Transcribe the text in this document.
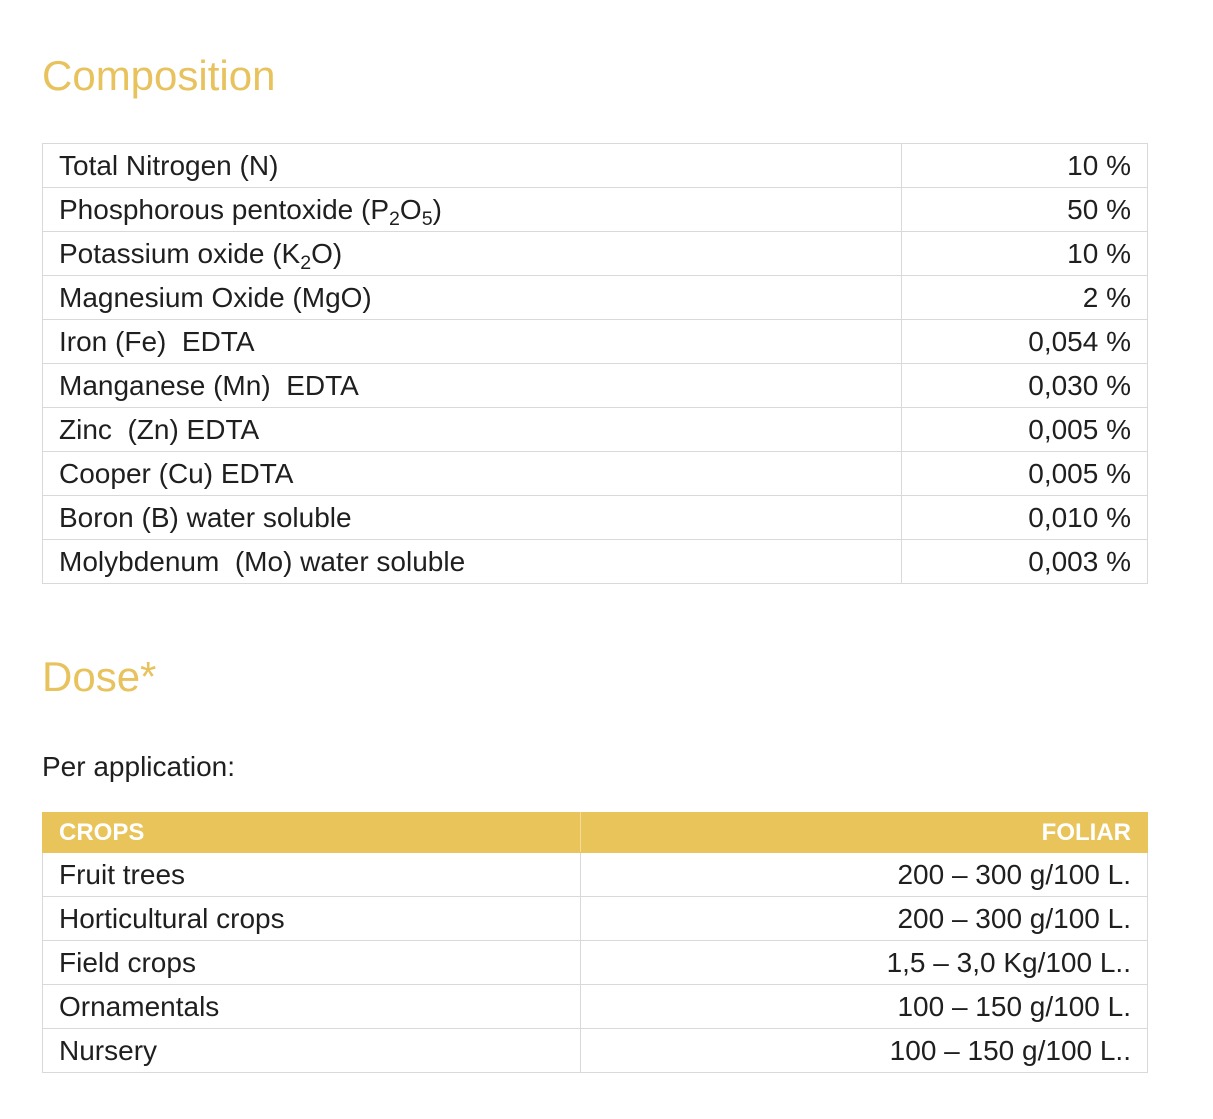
Composition
Total Nitrogen (N)	10 %
Phosphorous pentoxide $(P_2O_5)$	50 %
Potassium oxide $(K_2O)$	10 %
Magnesium Oxide (MgO)	2 %
Iron (Fe)  EDTA	0,054 %
Manganese (Mn)  EDTA	0,030 %
Zinc  (Zn) EDTA	0,005 %
Cooper (Cu) EDTA	0,005 %
Boron (B) water soluble	0,010 %
Molybdenum  (Mo) water soluble	0,003 %
Dose*
Per application:
CROPS	FOLIAR
Fruit trees	200 – 300 g/100 L.
Horticultural crops	200 – 300 g/100 L.
Field crops	1,5 – 3,0 Kg/100 L..
Ornamentals	100 – 150 g/100 L.
Nursery	100 – 150 g/100 L..
